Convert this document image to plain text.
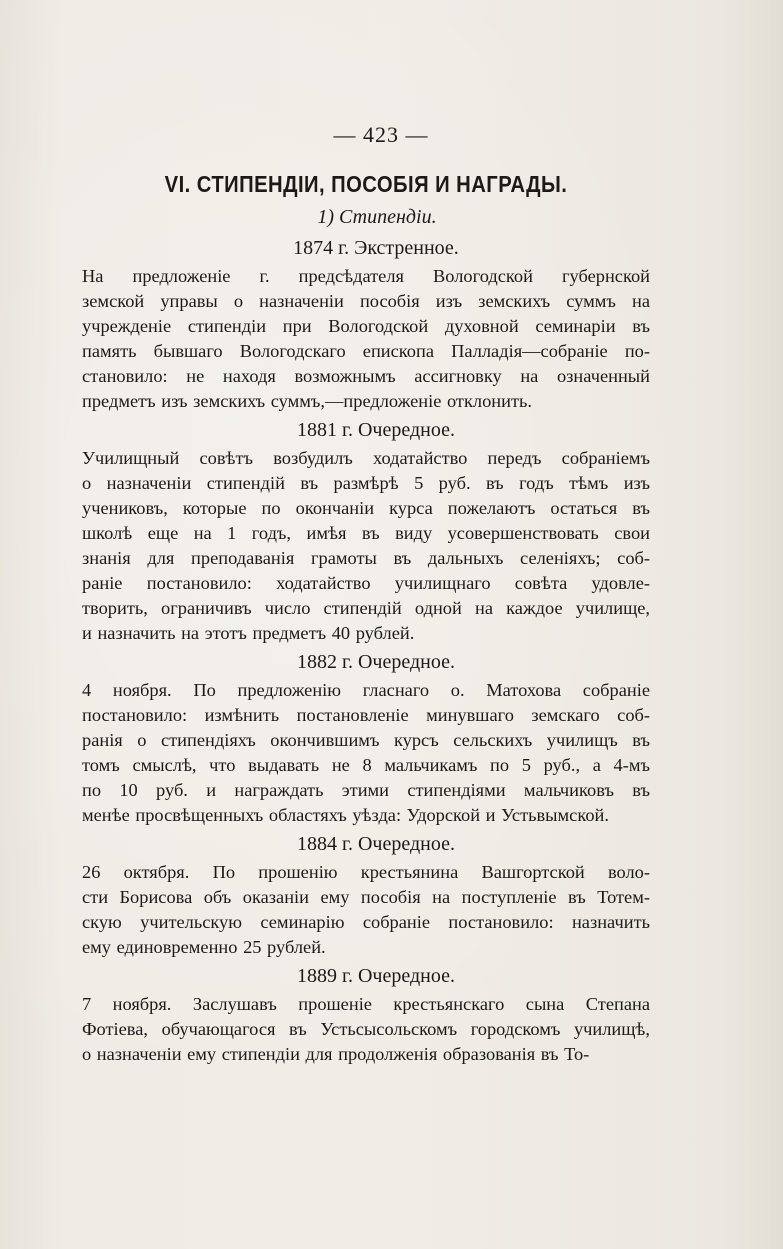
— 423 —
VI. СТИПЕНДІИ, ПОСОБІЯ И НАГРАДЫ.
1) Стипендіи.
1874 г. Экстренное.
На предложеніе г. предсѣдателя Вологодской губернской
земской управы о назначеніи пособія изъ земскихъ суммъ на
учрежденіе стипендіи при Вологодской духовной семинаріи въ
память бывшаго Вологодскаго епископа Палладія—собраніе по-
становило: не находя возможнымъ ассигновку на означенный
предметъ изъ земскихъ суммъ,—предложеніе отклонить.
1881 г. Очередное.
Училищный совѣтъ возбудилъ ходатайство передъ собраніемъ
о назначеніи стипендій въ размѣрѣ 5 руб. въ годъ тѣмъ изъ
учениковъ, которые по окончаніи курса пожелаютъ остаться въ
школѣ еще на 1 годъ, имѣя въ виду усовершенствовать свои
знанія для преподаванія грамоты въ дальныхъ селеніяхъ; соб-
раніе постановило: ходатайство училищнаго совѣта удовле-
творить, ограничивъ число стипендій одной на каждое училище,
и назначить на этотъ предметъ 40 рублей.
1882 г. Очередное.
4 ноября. По предложенію гласнаго о. Матохова собраніе
постановило: измѣнить постановленіе минувшаго земскаго соб-
ранія о стипендіяхъ окончившимъ курсъ сельскихъ училищъ въ
томъ смыслѣ, что выдавать не 8 мальчикамъ по 5 руб., а 4-мъ
по 10 руб. и награждать этими стипендіями мальчиковъ въ
менѣе просвѣщенныхъ областяхъ уѣзда: Удорской и Устьвымской.
1884 г. Очередное.
26 октября. По прошенію крестьянина Вашгортской воло-
сти Борисова объ оказаніи ему пособія на поступленіе въ Тотем-
скую учительскую семинарію собраніе постановило: назначить
ему единовременно 25 рублей.
1889 г. Очередное.
7 ноября. Заслушавъ прошеніе крестьянскаго сына Степана
Фотіева, обучающагося въ Устьсысольскомъ городскомъ училищѣ,
о назначеніи ему стипендіи для продолженія образованія въ То-
